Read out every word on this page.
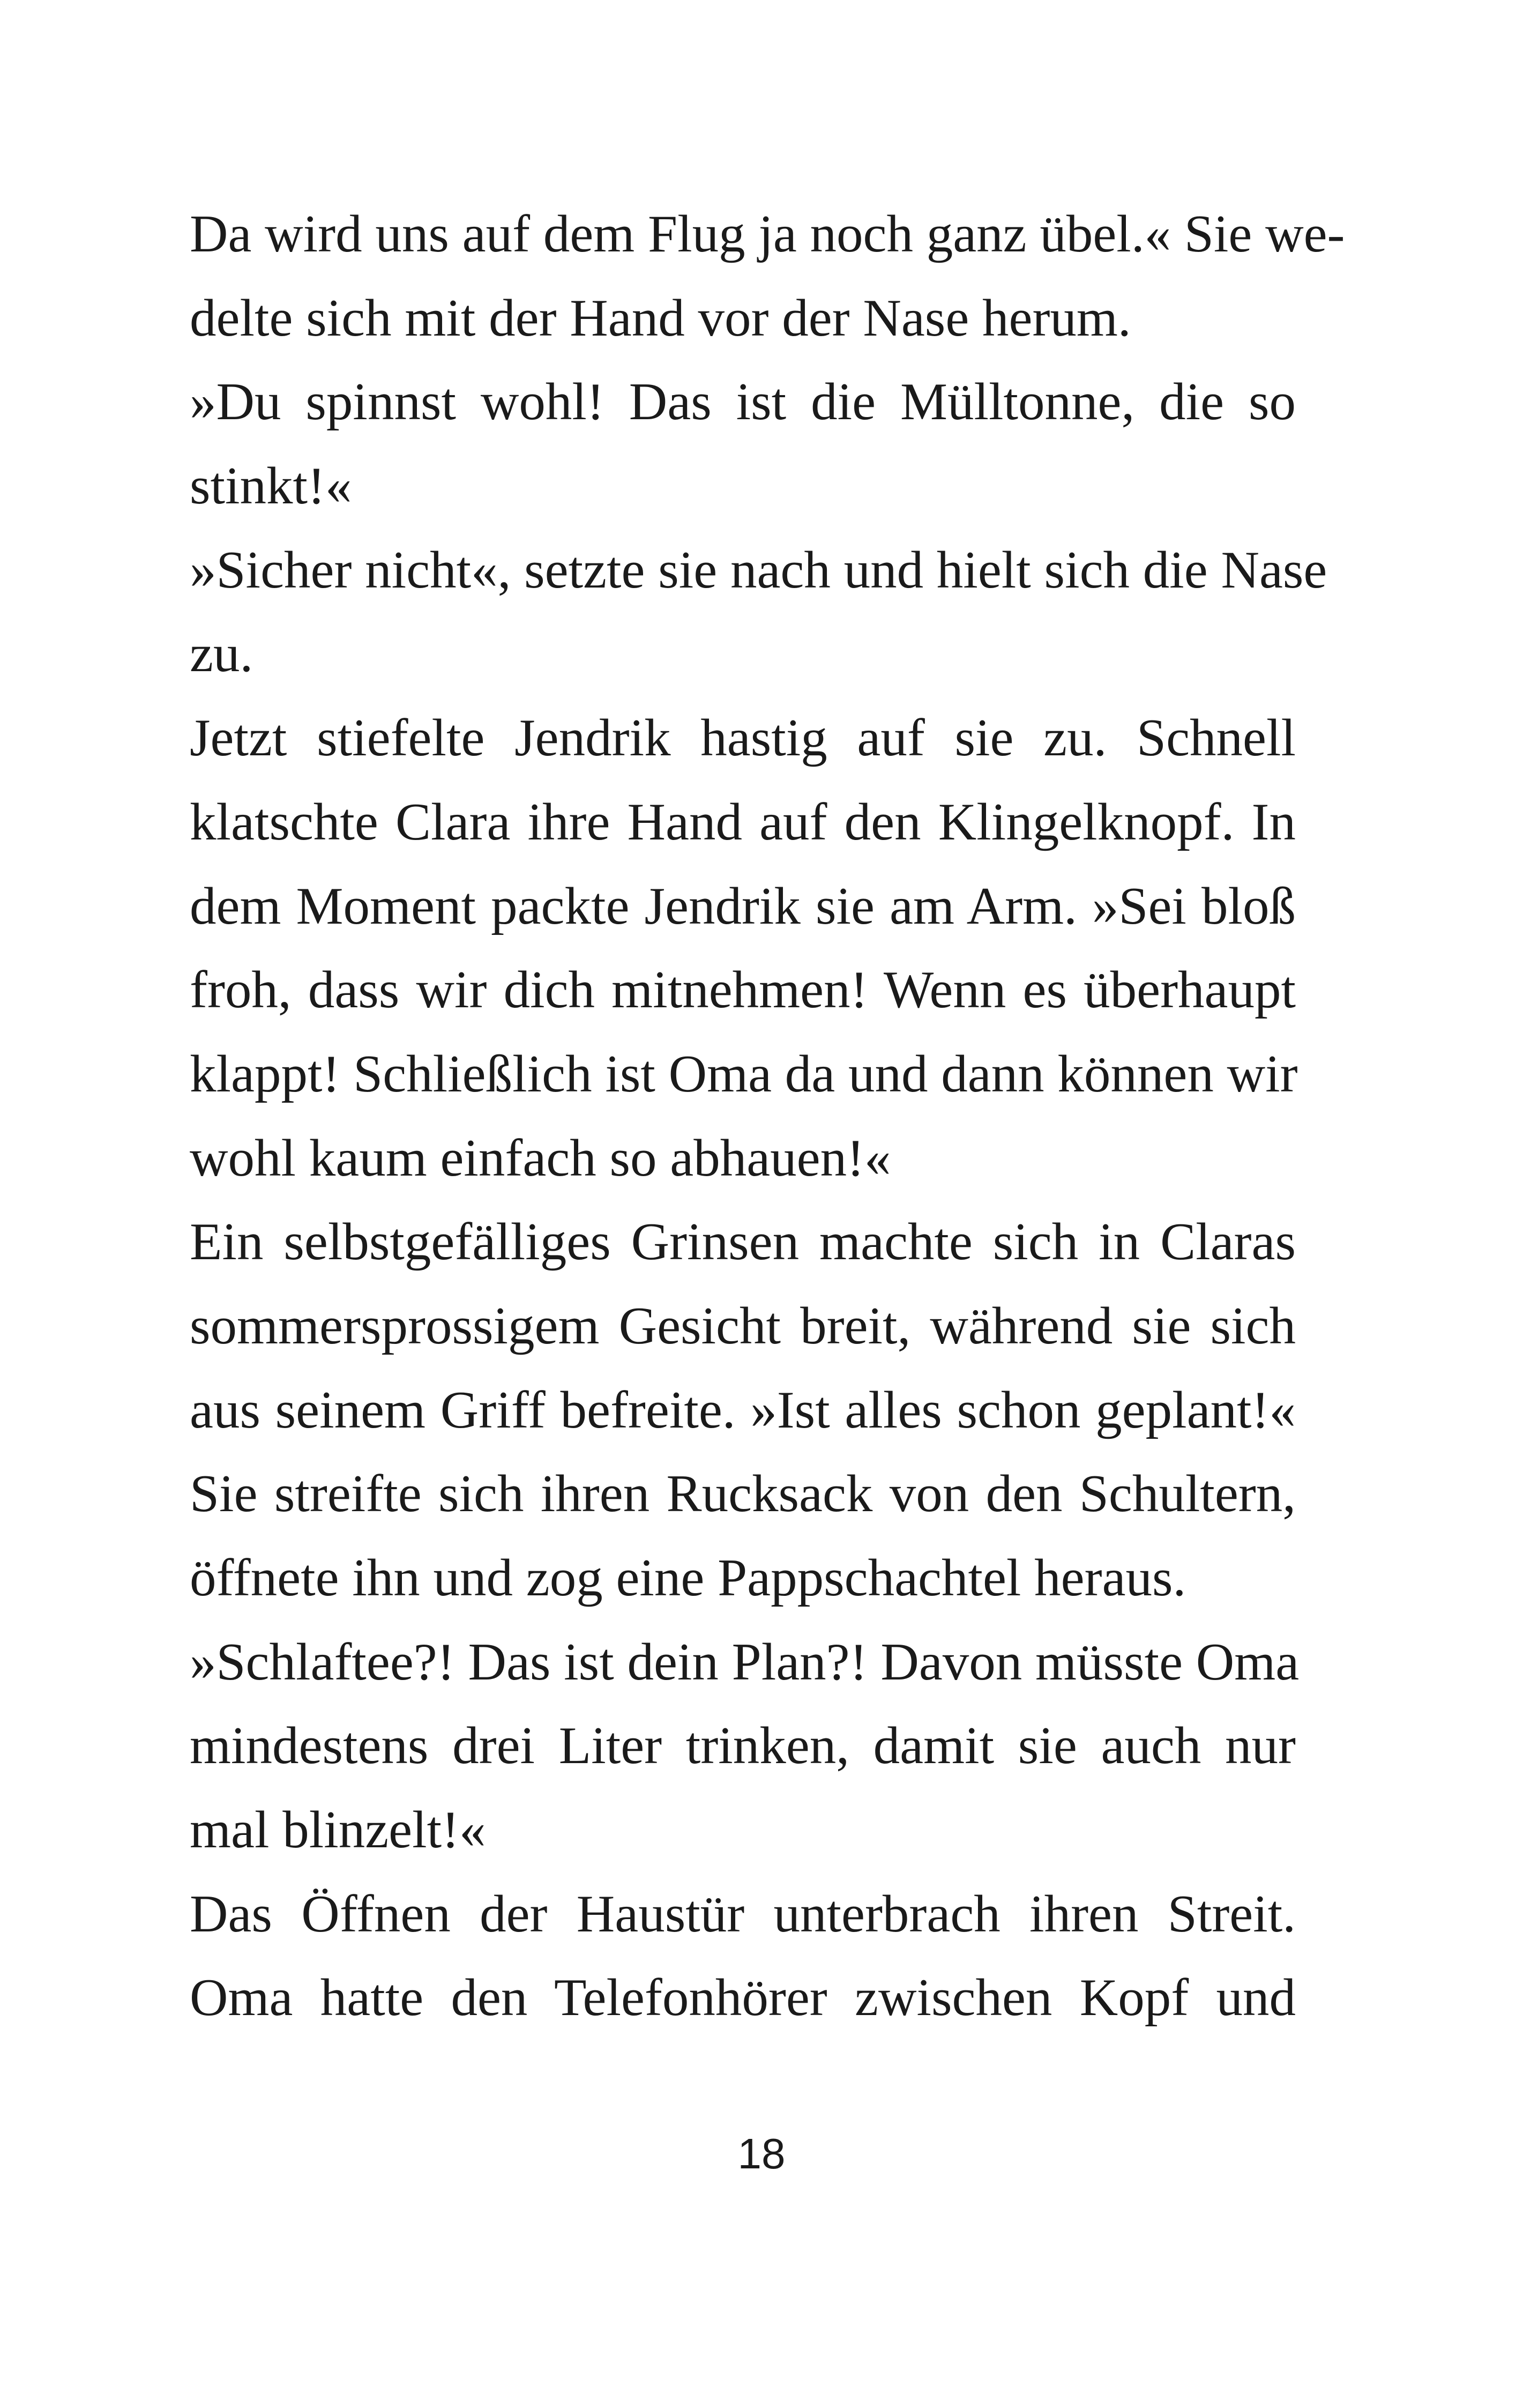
Da wird uns auf dem Flug ja noch ganz übel.« Sie we-
delte sich mit der Hand vor der Nase herum.
»Du spinnst wohl! Das ist die Mülltonne, die so
stinkt!«
»Sicher nicht«, setzte sie nach und hielt sich die Nase
zu.
Jetzt stiefelte Jendrik hastig auf sie zu. Schnell
klatschte Clara ihre Hand auf den Klingelknopf. In
dem Moment packte Jendrik sie am Arm. »Sei bloß
froh, dass wir dich mitnehmen! Wenn es überhaupt
klappt! Schließlich ist Oma da und dann können wir
wohl kaum einfach so abhauen!«
Ein selbstgefälliges Grinsen machte sich in Claras
sommersprossigem Gesicht breit, während sie sich
aus seinem Griff befreite. »Ist alles schon geplant!«
Sie streifte sich ihren Rucksack von den Schultern,
öffnete ihn und zog eine Pappschachtel heraus.
»Schlaftee?! Das ist dein Plan?! Davon müsste Oma
mindestens drei Liter trinken, damit sie auch nur
mal blinzelt!«
Das Öffnen der Haustür unterbrach ihren Streit.
Oma hatte den Telefonhörer zwischen Kopf und
18
